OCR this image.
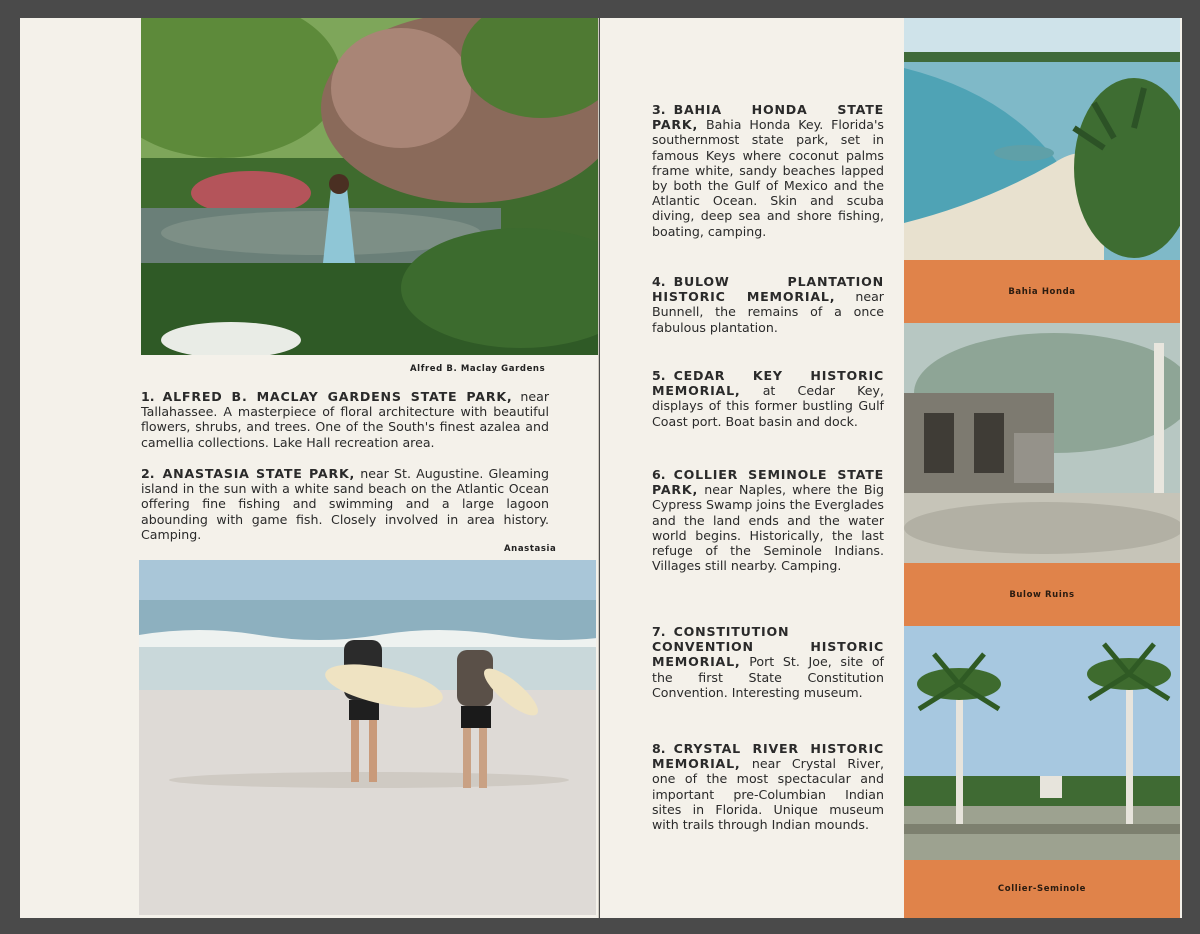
Alfred B. Maclay Gardens
1. ALFRED B. MACLAY GARDENS STATE PARK, near Tallahassee. A masterpiece of floral architecture with beautiful flowers, shrubs, and trees. One of the South's finest azalea and camellia collections. Lake Hall recreation area.
2. ANASTASIA STATE PARK, near St. Augustine. Gleaming island in the sun with a white sand beach on the Atlantic Ocean offering fine fishing and swimming and a large lagoon abounding with game fish. Closely involved in area history. Camping.
Anastasia
3. BAHIA HONDA STATE PARK, Bahia Honda Key. Florida's southernmost state park, set in famous Keys where coconut palms frame white, sandy beaches lapped by both the Gulf of Mexico and the Atlantic Ocean. Skin and scuba diving, deep sea and shore fishing, boating, camping.
4. BULOW PLANTATION HISTORIC MEMORIAL, near Bunnell, the remains of a once fabulous plantation.
5. CEDAR KEY HISTORIC MEMORIAL, at Cedar Key, displays of this former bustling Gulf Coast port. Boat basin and dock.
6. COLLIER SEMINOLE STATE PARK, near Naples, where the Big Cypress Swamp joins the Everglades and the land ends and the water world begins. Historically, the last refuge of the Seminole Indians. Villages still nearby. Camping.
7. CONSTITUTION CONVENTION HISTORIC MEMORIAL, Port St. Joe, site of the first State Constitution Convention. Interesting museum.
8. CRYSTAL RIVER HISTORIC MEMORIAL, near Crystal River, one of the most spectacular and important pre-Columbian Indian sites in Florida. Unique museum with trails through Indian mounds.
Bahia Honda
Bulow Ruins
Collier-Seminole
